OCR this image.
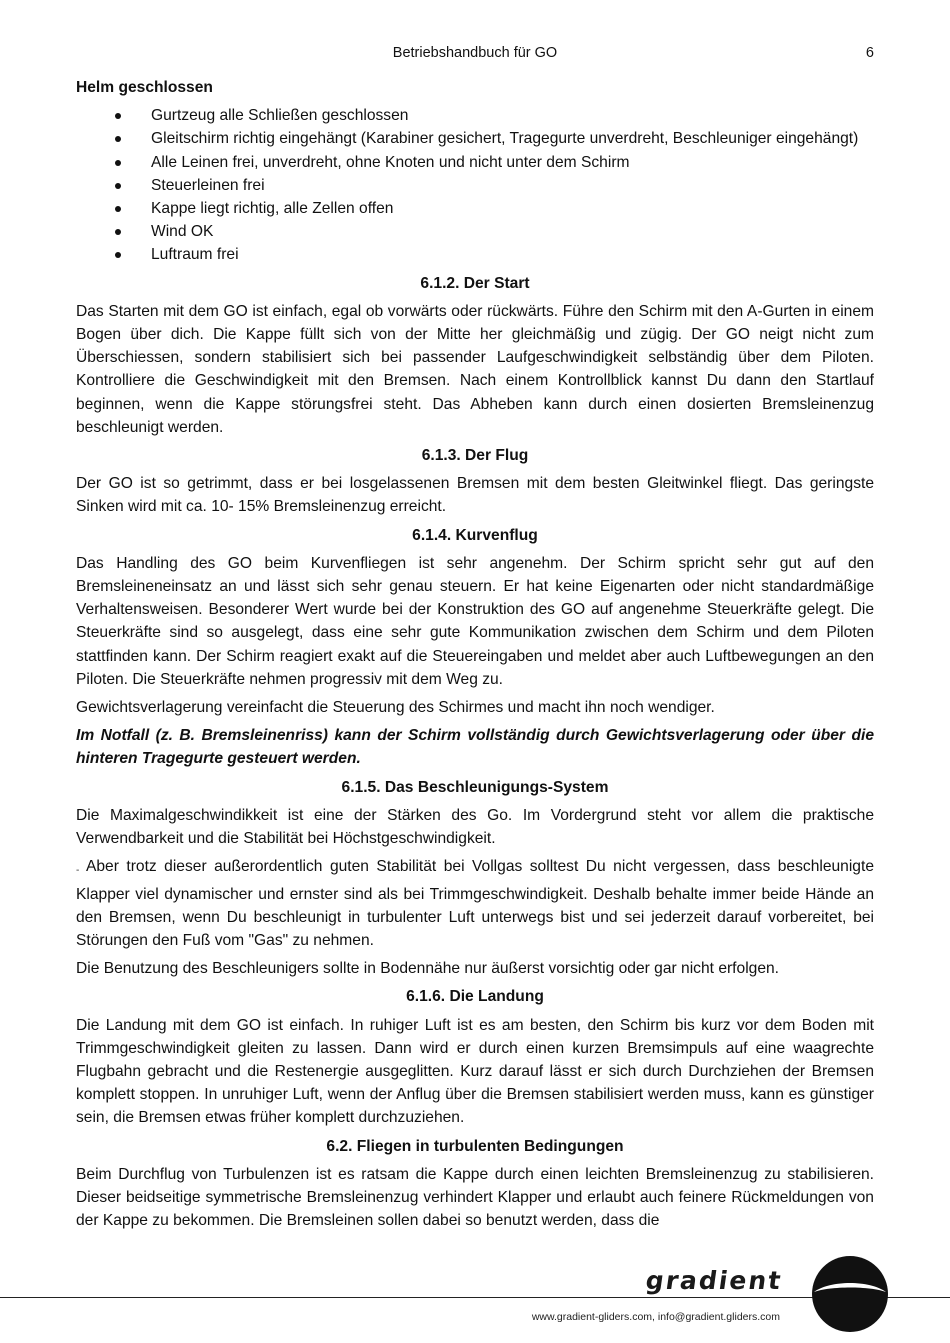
Betriebshandbuch für GO	6
Helm geschlossen
Gurtzeug alle Schließen geschlossen
Gleitschirm richtig eingehängt (Karabiner gesichert, Tragegurte unverdreht, Beschleuniger eingehängt)
Alle Leinen frei, unverdreht, ohne Knoten und nicht unter dem Schirm
Steuerleinen frei
Kappe liegt richtig, alle Zellen offen
Wind OK
Luftraum frei
6.1.2. Der Start

Das Starten mit dem GO ist einfach, egal ob vorwärts oder rückwärts. Führe den Schirm mit den A-Gurten in einem Bogen über dich. Die Kappe füllt sich von der Mitte her gleichmäßig und zügig. Der GO neigt nicht zum Überschiessen, sondern stabilisiert sich bei passender Laufgeschwindigkeit selbständig über dem Piloten. Kontrolliere die Geschwindigkeit mit den Bremsen. Nach einem Kontrollblick kannst Du dann den Startlauf beginnen, wenn die Kappe störungsfrei steht. Das Abheben kann durch einen dosierten Bremsleinenzug beschleunigt werden.

6.1.3. Der Flug

Der GO ist so getrimmt, dass er bei losgelassenen Bremsen mit dem besten Gleitwinkel fliegt. Das geringste Sinken wird mit ca. 10- 15% Bremsleinenzug erreicht.

6.1.4. Kurvenflug

Das Handling des GO beim Kurvenfliegen ist sehr angenehm. Der Schirm spricht sehr gut auf den Bremsleineneinsatz an und lässt sich sehr genau steuern. Er hat keine Eigenarten oder nicht standardmäßige Verhaltensweisen. Besonderer Wert wurde bei der Konstruktion des GO auf angenehme Steuerkräfte gelegt. Die Steuerkräfte sind so ausgelegt, dass eine sehr gute Kommunikation zwischen dem Schirm und dem Piloten stattfinden kann. Der Schirm reagiert exakt auf die Steuereingaben und meldet aber auch Luftbewegungen an den Piloten. Die Steuerkräfte nehmen progressiv mit dem Weg zu.

Gewichtsverlagerung vereinfacht die Steuerung des Schirmes und macht ihn noch wendiger.

Im Notfall (z. B. Bremsleinenriss) kann der Schirm vollständig durch Gewichtsverlagerung oder über die hinteren Tragegurte gesteuert werden.

6.1.5. Das Beschleunigungs-System

Die Maximalgeschwindikkeit ist eine der Stärken des Go. Im Vordergrund steht vor allem die praktische Verwendbarkeit und die Stabilität bei Höchstgeschwindigkeit.

- Aber trotz dieser außerordentlich guten Stabilität bei Vollgas solltest Du nicht vergessen, dass beschleunigte Klapper viel dynamischer und ernster sind als bei Trimmgeschwindigkeit. Deshalb behalte immer beide Hände an den Bremsen, wenn Du beschleunigt in turbulenter Luft unterwegs bist und sei jederzeit darauf vorbereitet, bei Störungen den Fuß vom "Gas" zu nehmen.

Die Benutzung des Beschleunigers sollte in Bodennähe nur äußerst vorsichtig oder gar nicht erfolgen.

6.1.6. Die Landung

Die Landung mit dem GO ist einfach. In ruhiger Luft ist es am besten, den Schirm bis kurz vor dem Boden mit Trimmgeschwindigkeit gleiten zu lassen. Dann wird er durch einen kurzen Bremsimpuls auf eine waagrechte Flugbahn gebracht und die Restenergie ausgeglitten. Kurz darauf lässt er sich durch Durchziehen der Bremsen komplett stoppen. In unruhiger Luft, wenn der Anflug über die Bremsen stabilisiert werden muss, kann es günstiger sein, die Bremsen etwas früher komplett durchzuziehen.

6.2. Fliegen in turbulenten Bedingungen

Beim Durchflug von Turbulenzen ist es ratsam die Kappe durch einen leichten Bremsleinenzug zu stabilisieren. Dieser beidseitige symmetrische Bremsleinenzug verhindert Klapper und erlaubt auch feinere Rückmeldungen von der Kappe zu bekommen. Die Bremsleinen sollen dabei so benutzt werden, dass die

gradient
www.gradient-gliders.com, info@gradient.gliders.com
